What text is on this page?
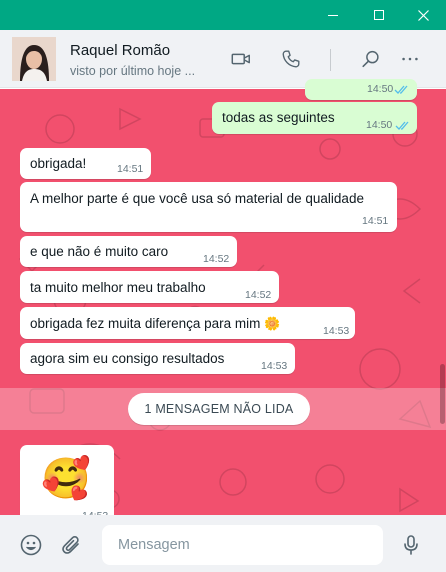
Raquel Romão
visto por último hoje ...
14:50
todas as seguintes	14:50
obrigada!	14:51
A melhor parte é que você usa só material de qualidade
14:51
e que não é muito caro	14:52
ta muito melhor meu trabalho	14:52
obrigada fez muita diferença para mim 🌼	14:53
agora sim eu consigo resultados	14:53
1 MENSAGEM NÃO LIDA
🥰
Mensagem
